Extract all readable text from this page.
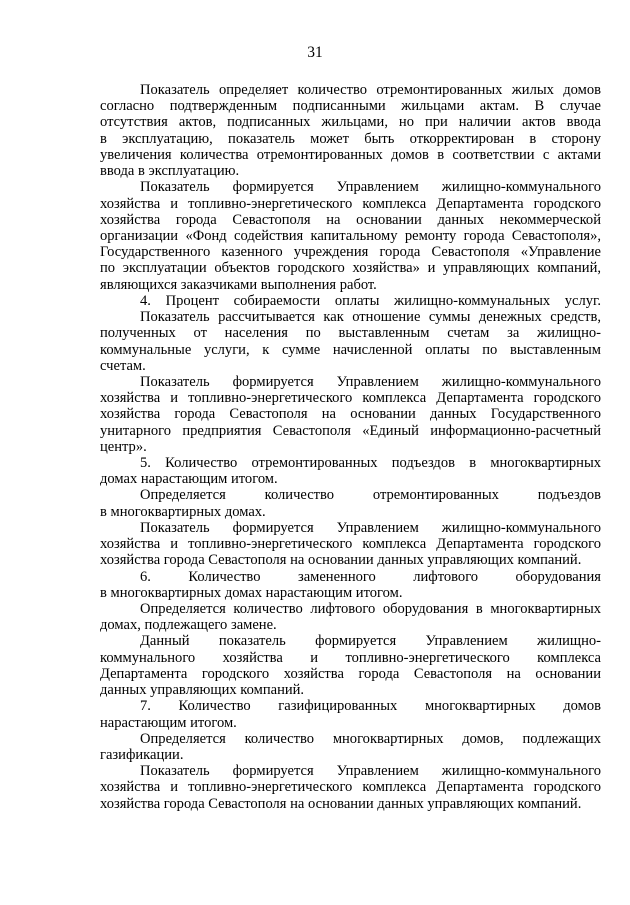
31
Показатель определяет количество отремонтированных жилых домов
согласно подтвержденным подписанными жильцами актам. В случае
отсутствия актов, подписанных жильцами, но при наличии актов ввода
в эксплуатацию, показатель может быть откорректирован в сторону
увеличения количества отремонтированных домов в соответствии с актами
ввода в эксплуатацию.
Показатель формируется Управлением жилищно-коммунального
хозяйства и топливно-энергетического комплекса Департамента городского
хозяйства города Севастополя на основании данных некоммерческой
организации «Фонд содействия капитальному ремонту города Севастополя»,
Государственного казенного учреждения города Севастополя «Управление
по эксплуатации объектов городского хозяйства» и управляющих компаний,
являющихся заказчиками выполнения работ.
4. Процент собираемости оплаты жилищно-коммунальных услуг.
Показатель рассчитывается как отношение суммы денежных средств,
полученных от населения по выставленным счетам за жилищно-
коммунальные услуги, к сумме начисленной оплаты по выставленным
счетам.
Показатель формируется Управлением жилищно-коммунального
хозяйства и топливно-энергетического комплекса Департамента городского
хозяйства города Севастополя на основании данных Государственного
унитарного предприятия Севастополя «Единый информационно-расчетный
центр».
5. Количество отремонтированных подъездов в многоквартирных
домах нарастающим итогом.
Определяется количество отремонтированных подъездов
в многоквартирных домах.
Показатель формируется Управлением жилищно-коммунального
хозяйства и топливно-энергетического комплекса Департамента городского
хозяйства города Севастополя на основании данных управляющих компаний.
6. Количество замененного лифтового оборудования
в многоквартирных домах нарастающим итогом.
Определяется количество лифтового оборудования в многоквартирных
домах, подлежащего замене.
Данный показатель формируется Управлением жилищно-
коммунального хозяйства и топливно-энергетического комплекса
Департамента городского хозяйства города Севастополя на основании
данных управляющих компаний.
7. Количество газифицированных многоквартирных домов
нарастающим итогом.
Определяется количество многоквартирных домов, подлежащих
газификации.
Показатель формируется Управлением жилищно-коммунального
хозяйства и топливно-энергетического комплекса Департамента городского
хозяйства города Севастополя на основании данных управляющих компаний.
